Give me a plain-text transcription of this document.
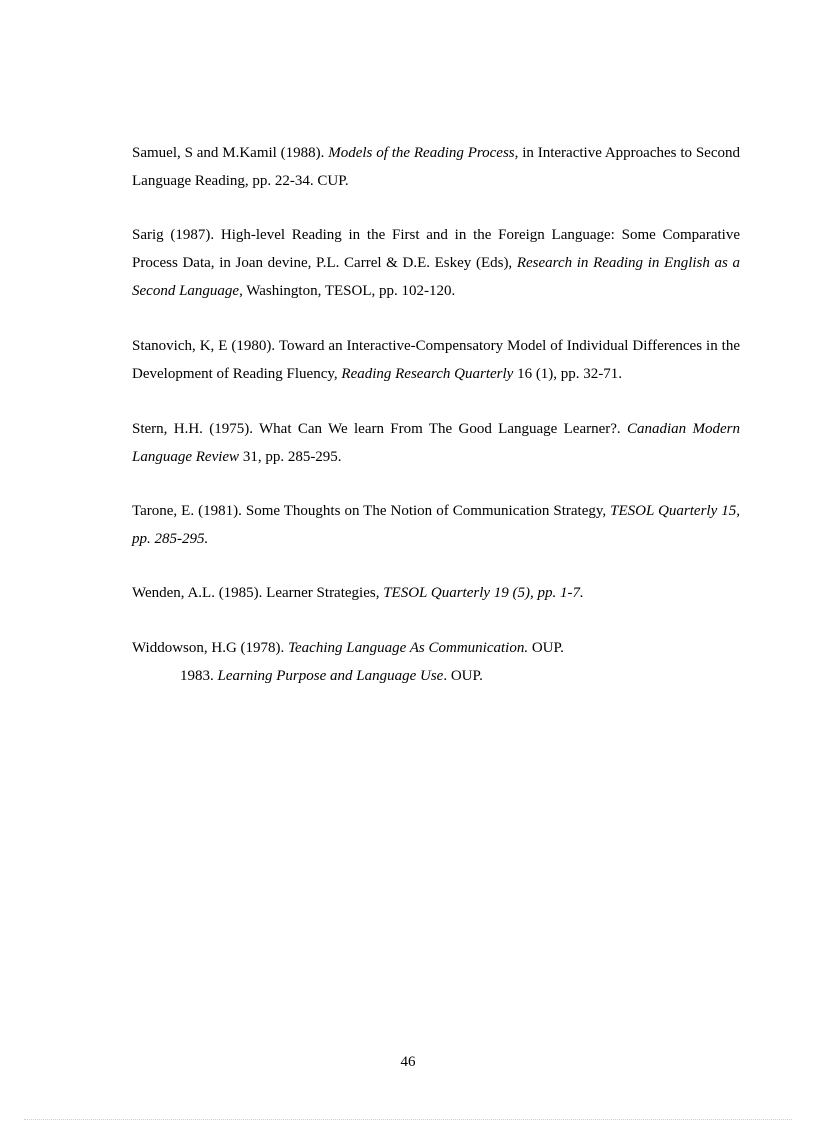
Samuel, S and M.Kamil (1988). Models of the Reading Process, in Interactive Approaches to Second Language Reading, pp. 22-34. CUP.

Sarig (1987). High-level Reading in the First and in the Foreign Language: Some Comparative Process Data, in Joan devine, P.L. Carrel & D.E. Eskey (Eds), Research in Reading in English as a Second Language, Washington, TESOL, pp. 102-120.

Stanovich, K, E (1980). Toward an Interactive-Compensatory Model of Individual Differences in the Development of Reading Fluency, Reading Research Quarterly 16 (1), pp. 32-71.

Stern, H.H. (1975). What Can We learn From The Good Language Learner?. Canadian Modern Language Review 31, pp. 285-295.

Tarone, E. (1981). Some Thoughts on The Notion of Communication Strategy, TESOL Quarterly 15, pp. 285-295.

Wenden, A.L. (1985). Learner Strategies, TESOL Quarterly 19 (5), pp. 1-7.

Widdowson, H.G (1978). Teaching Language As Communication. OUP.
1983. Learning Purpose and Language Use. OUP.

46
